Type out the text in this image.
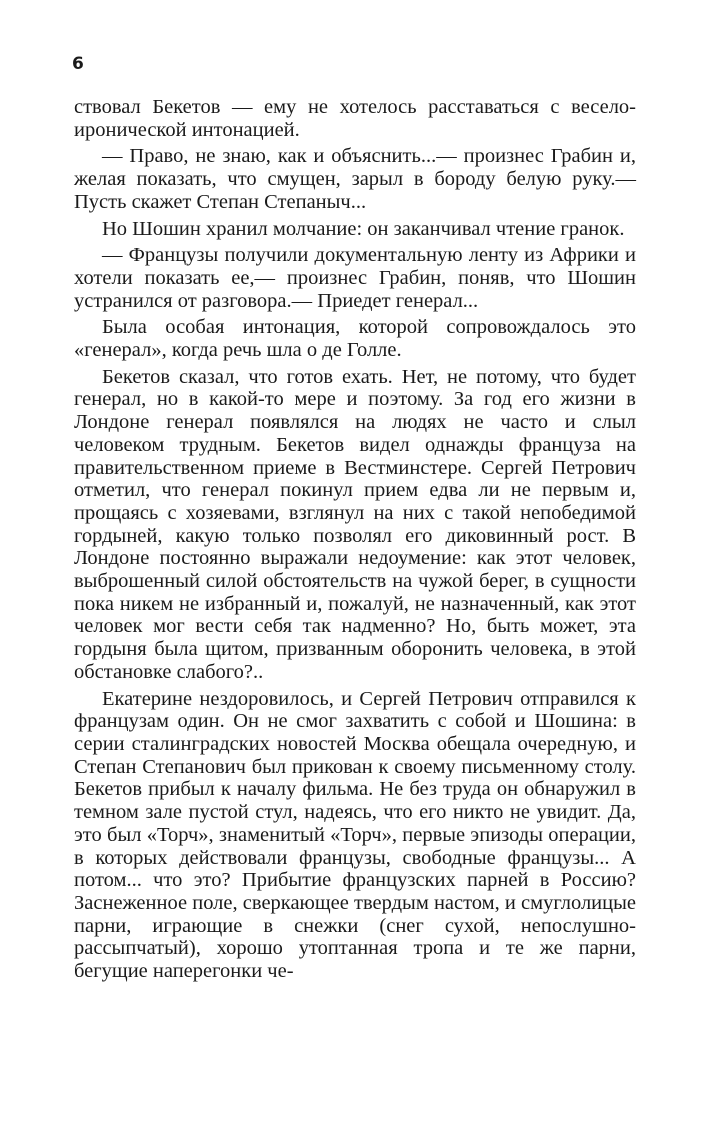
6

ствовал Бекетов — ему не хотелось расставаться с весело-иронической интонацией.

— Право, не знаю, как и объяснить...— произнес Грабин и, желая показать, что смущен, зарыл в бороду белую руку.— Пусть скажет Степан Степаныч...

Но Шошин хранил молчание: он заканчивал чтение гранок.

— Французы получили документальную ленту из Африки и хотели показать ее,— произнес Грабин, поняв, что Шошин устранился от разговора.— Приедет генерал...

Была особая интонация, которой сопровождалось это «генерал», когда речь шла о де Голле.

Бекетов сказал, что готов ехать. Нет, не потому, что будет генерал, но в какой-то мере и поэтому. За год его жизни в Лондоне генерал появлялся на людях не часто и слыл человеком трудным. Бекетов видел однажды француза на правительственном приеме в Вестминстере. Сергей Петрович отметил, что генерал покинул прием едва ли не первым и, прощаясь с хозяевами, взглянул на них с такой непобедимой гордыней, какую только позволял его диковинный рост. В Лондоне постоянно выражали недоумение: как этот человек, выброшенный силой обстоятельств на чужой берег, в сущности пока никем не избранный и, пожалуй, не назначенный, как этот человек мог вести себя так надменно? Но, быть может, эта гордыня была щитом, призванным оборонить человека, в этой обстановке слабого?..

Екатерине нездоровилось, и Сергей Петрович отправился к французам один. Он не смог захватить с собой и Шошина: в серии сталинградских новостей Москва обещала очередную, и Степан Степанович был прикован к своему письменному столу. Бекетов прибыл к началу фильма. Не без труда он обнаружил в темном зале пустой стул, надеясь, что его никто не увидит. Да, это был «Торч», знаменитый «Торч», первые эпизоды операции, в которых действовали французы, свободные французы... А потом... что это? Прибытие французских парней в Россию? Заснеженное поле, сверкающее твердым настом, и смуглолицые парни, играющие в снежки (снег сухой, непослушно-рассыпчатый), хорошо утоптанная тропа и те же парни, бегущие наперегонки че-
